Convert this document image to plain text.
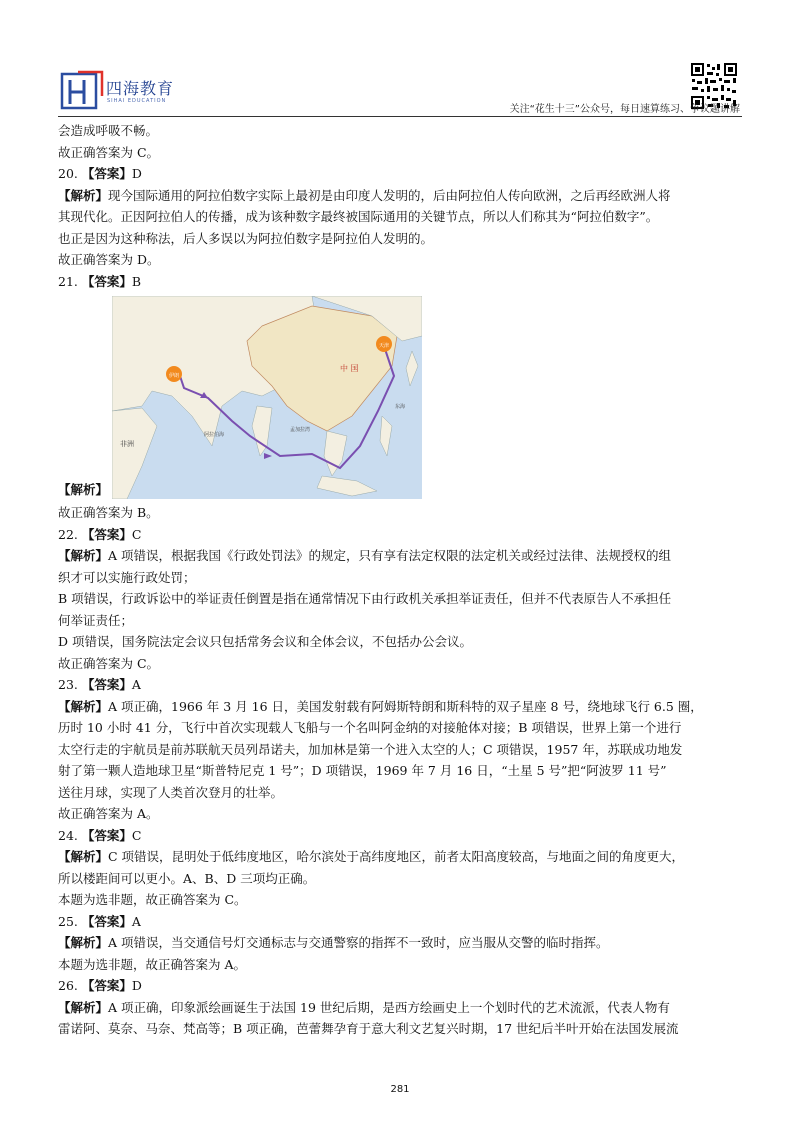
四海教育
SIHAI EDUCATION
关注“花生十三”公众号，每日速算练习、争议题讲解
会造成呼吸不畅。
故正确答案为 C。
20. 【答案】D
【解析】现今国际通用的阿拉伯数字实际上最初是由印度人发明的，后由阿拉伯人传向欧洲，之后再经欧洲人将
其现代化。正因阿拉伯人的传播，成为该种数字最终被国际通用的关键节点，所以人们称其为“阿拉伯数字”。
也正是因为这种称法，后人多误以为阿拉伯数字是阿拉伯人发明的。
故正确答案为 D。
21. 【答案】B
【解析】
天津
伊朗
中 国
非洲
阿拉伯海
孟加拉湾
东海
故正确答案为 B。
22. 【答案】C
【解析】A 项错误，根据我国《行政处罚法》的规定，只有享有法定权限的法定机关或经过法律、法规授权的组
织才可以实施行政处罚；
B 项错误，行政诉讼中的举证责任倒置是指在通常情况下由行政机关承担举证责任，但并不代表原告人不承担任
何举证责任；
D 项错误，国务院法定会议只包括常务会议和全体会议，不包括办公会议。
故正确答案为 C。
23. 【答案】A
【解析】A 项正确，1966 年 3 月 16 日，美国发射载有阿姆斯特朗和斯科特的双子星座 8 号，绕地球飞行 6.5 圈，
历时 10 小时 41 分，飞行中首次实现载人飞船与一个名叫阿金纳的对接舱体对接；B 项错误，世界上第一个进行
太空行走的宇航员是前苏联航天员列昂诺夫，加加林是第一个进入太空的人；C 项错误，1957 年，苏联成功地发
射了第一颗人造地球卫星“斯普特尼克 1 号”；D 项错误，1969 年 7 月 16 日，“土星 5 号”把“阿波罗 11 号”
送往月球，实现了人类首次登月的壮举。
故正确答案为 A。
24. 【答案】C
【解析】C 项错误，昆明处于低纬度地区，哈尔滨处于高纬度地区，前者太阳高度较高，与地面之间的角度更大，
所以楼距间可以更小。A、B、D 三项均正确。
本题为选非题，故正确答案为 C。
25. 【答案】A
【解析】A 项错误，当交通信号灯交通标志与交通警察的指挥不一致时，应当服从交警的临时指挥。
本题为选非题，故正确答案为 A。
26. 【答案】D
【解析】A 项正确，印象派绘画诞生于法国 19 世纪后期，是西方绘画史上一个划时代的艺术流派，代表人物有
雷诺阿、莫奈、马奈、梵高等；B 项正确，芭蕾舞孕育于意大利文艺复兴时期，17 世纪后半叶开始在法国发展流
281
